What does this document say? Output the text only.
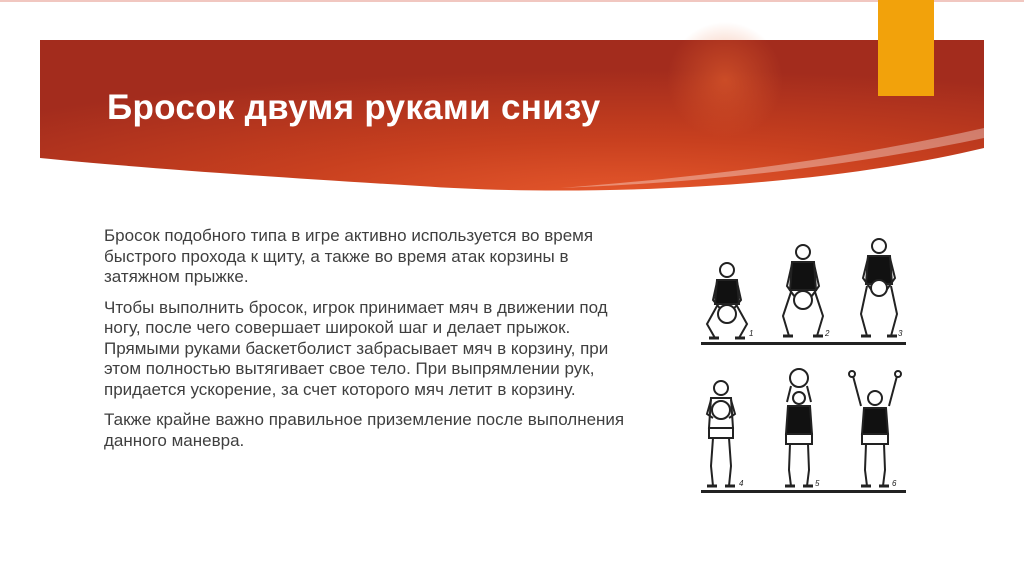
Бросок двумя руками снизу

Бросок подобного типа в игре активно используется во время быстрого прохода к щиту, а также во время атак корзины в затяжном прыжке.

Чтобы выполнить бросок, игрок принимает мяч в движении под ногу, после чего совершает широкой шаг и делает прыжок. Прямыми руками баскетболист забрасывает мяч в корзину, при этом полностью вытягивает свое тело. При выпрямлении рук, придается ускорение, за счет которого мяч летит в корзину.

Также крайне важно правильное приземление после выполнения данного маневра.

1	2	3
4	5	6
